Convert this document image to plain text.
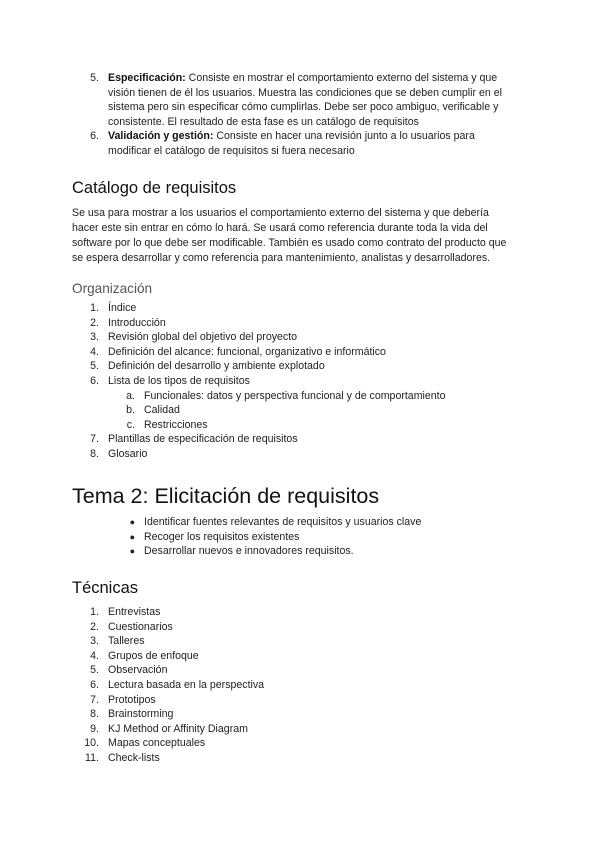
5. Especificación: Consiste en mostrar el comportamiento externo del sistema y que
visión tienen de él los usuarios. Muestra las condiciones que se deben cumplir en el
sistema pero sin especificar cómo cumplirlas. Debe ser poco ambiguo, verificable y
consistente. El resultado de esta fase es un catálogo de requisitos
6. Validación y gestión: Consiste en hacer una revisión junto a lo usuarios para
modificar el catálogo de requisitos si fuera necesario
Catálogo de requisitos
Se usa para mostrar a los usuarios el comportamiento externo del sistema y que debería
hacer este sin entrar en cómo lo hará. Se usará como referencia durante toda la vida del
software por lo que debe ser modificable. También es usado como contrato del producto que
se espera desarrollar y como referencia para mantenimiento, analistas y desarrolladores.
Organización
1. Índice
2. Introducción
3. Revisión global del objetivo del proyecto
4. Definición del alcance: funcional, organizativo e informático
5. Definición del desarrollo y ambiente explotado
6. Lista de los tipos de requisitos
a. Funcionales: datos y perspectiva funcional y de comportamiento
b. Calidad
c. Restricciones
7. Plantillas de especificación de requisitos
8. Glosario
Tema 2: Elicitación de requisitos
● Identificar fuentes relevantes de requisitos y usuarios clave
● Recoger los requisitos existentes
● Desarrollar nuevos e innovadores requisitos.
Técnicas
1. Entrevistas
2. Cuestionarios
3. Talleres
4. Grupos de enfoque
5. Observación
6. Lectura basada en la perspectiva
7. Prototipos
8. Brainstorming
9. KJ Method or Affinity Diagram
10. Mapas conceptuales
11. Check-lists
